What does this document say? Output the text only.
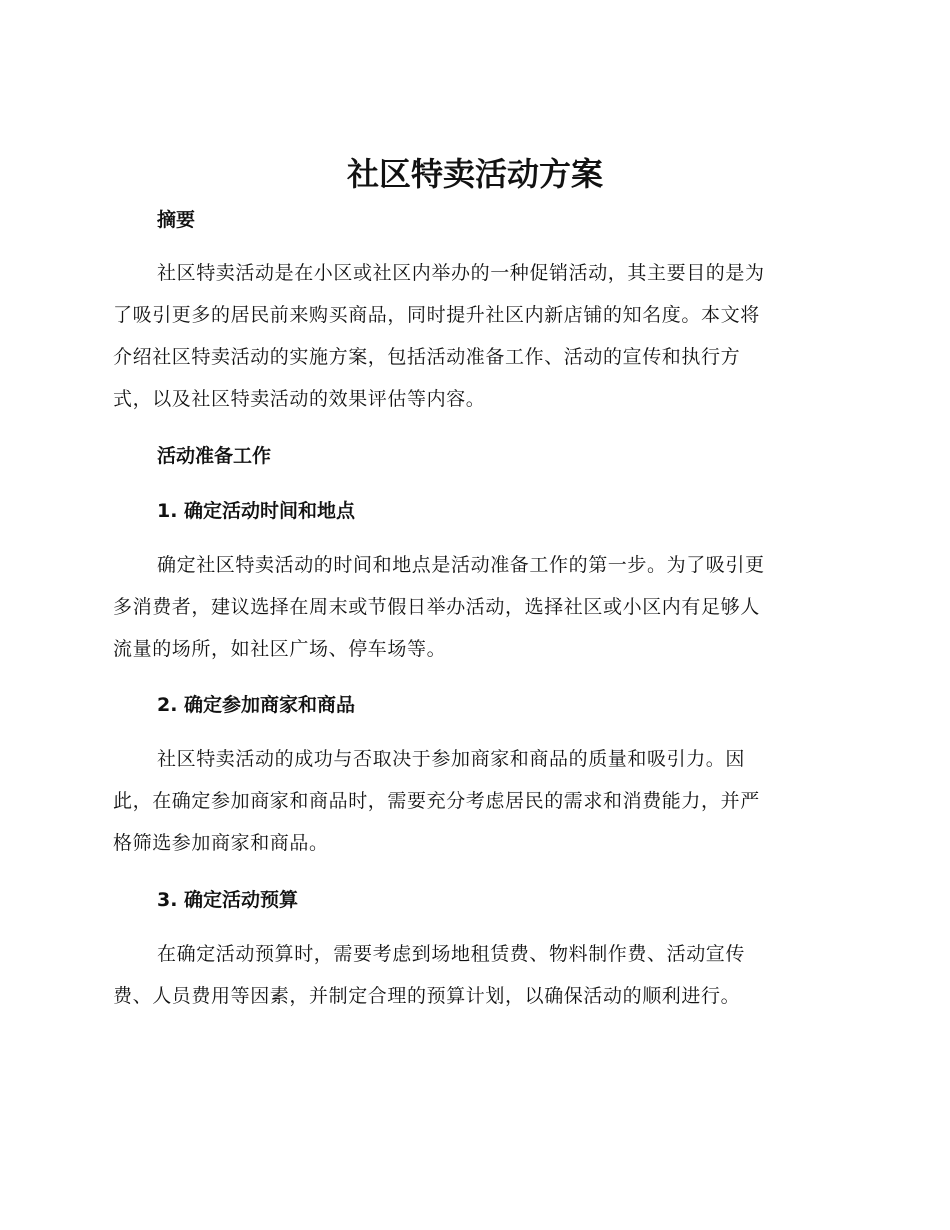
社区特卖活动方案
摘要

社区特卖活动是在小区或社区内举办的一种促销活动，其主要目的是为
了吸引更多的居民前来购买商品，同时提升社区内新店铺的知名度。本文将
介绍社区特卖活动的实施方案，包括活动准备工作、活动的宣传和执行方
式，以及社区特卖活动的效果评估等内容。

活动准备工作
1. 确定活动时间和地点

确定社区特卖活动的时间和地点是活动准备工作的第一步。为了吸引更
多消费者，建议选择在周末或节假日举办活动，选择社区或小区内有足够人
流量的场所，如社区广场、停车场等。

2. 确定参加商家和商品

社区特卖活动的成功与否取决于参加商家和商品的质量和吸引力。因
此，在确定参加商家和商品时，需要充分考虑居民的需求和消费能力，并严
格筛选参加商家和商品。

3. 确定活动预算

在确定活动预算时，需要考虑到场地租赁费、物料制作费、活动宣传
费、人员费用等因素，并制定合理的预算计划，以确保活动的顺利进行。
